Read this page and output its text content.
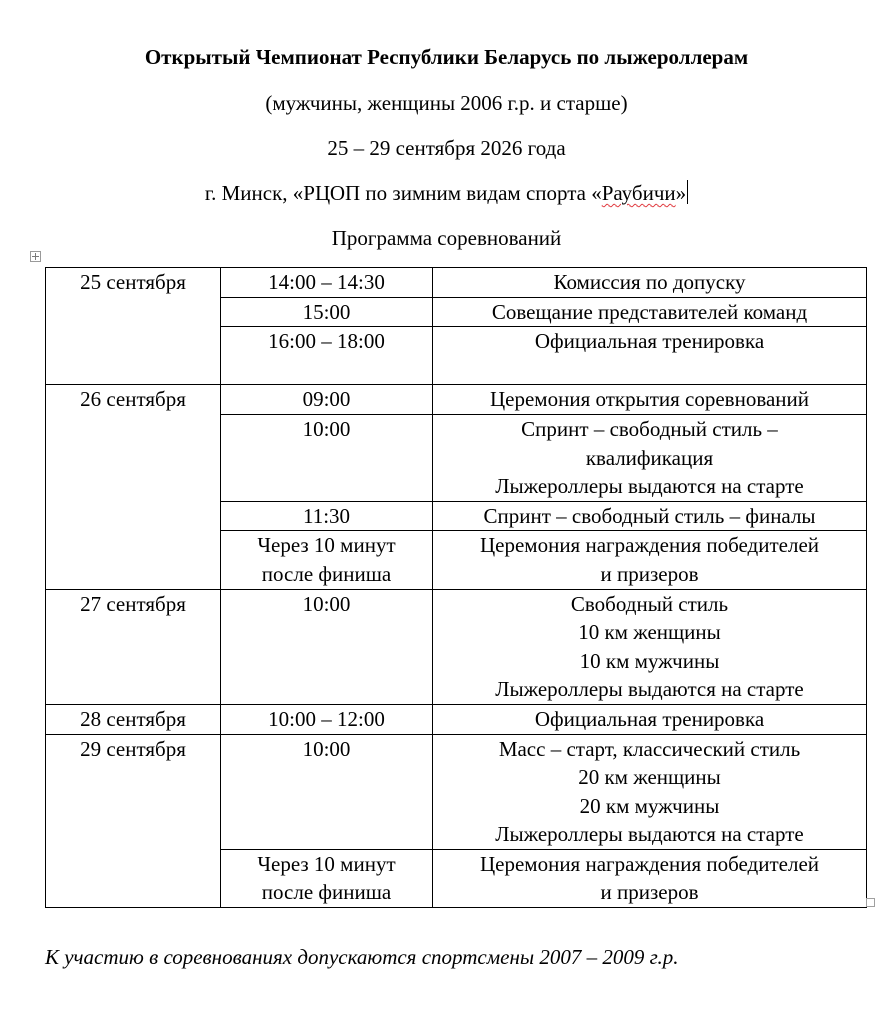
Открытый Чемпионат Республики Беларусь по лыжероллерам
(мужчины, женщины 2006 г.р. и старше)
25 – 29 сентября 2026 года
г. Минск, «РЦОП по зимним видам спорта «Раубичи»
Программа соревнований
25 сентября	14:00 – 14:30	Комиссия по допуску

	15:00	Совещание представителей команд

	16:00 – 18:00	Официальная тренировка

26 сентября	09:00	Церемония открытия соревнований

	10:00	Спринт – свободный стиль –
квалификация
Лыжероллеры выдаются на старте

	11:30	Спринт – свободный стиль – финалы

	Через 10 минут
после финиша	Церемония награждения победителей
и призеров

27 сентября	10:00	Свободный стиль
10 км женщины
10 км мужчины
Лыжероллеры выдаются на старте

28 сентября	10:00 – 12:00	Официальная тренировка

29 сентября	10:00	Масс – старт, классический стиль
20 км женщины
20 км мужчины
Лыжероллеры выдаются на старте

	Через 10 минут
после финиша	Церемония награждения победителей
и призеров
К участию в соревнованиях допускаются спортсмены 2007 – 2009 г.р.
